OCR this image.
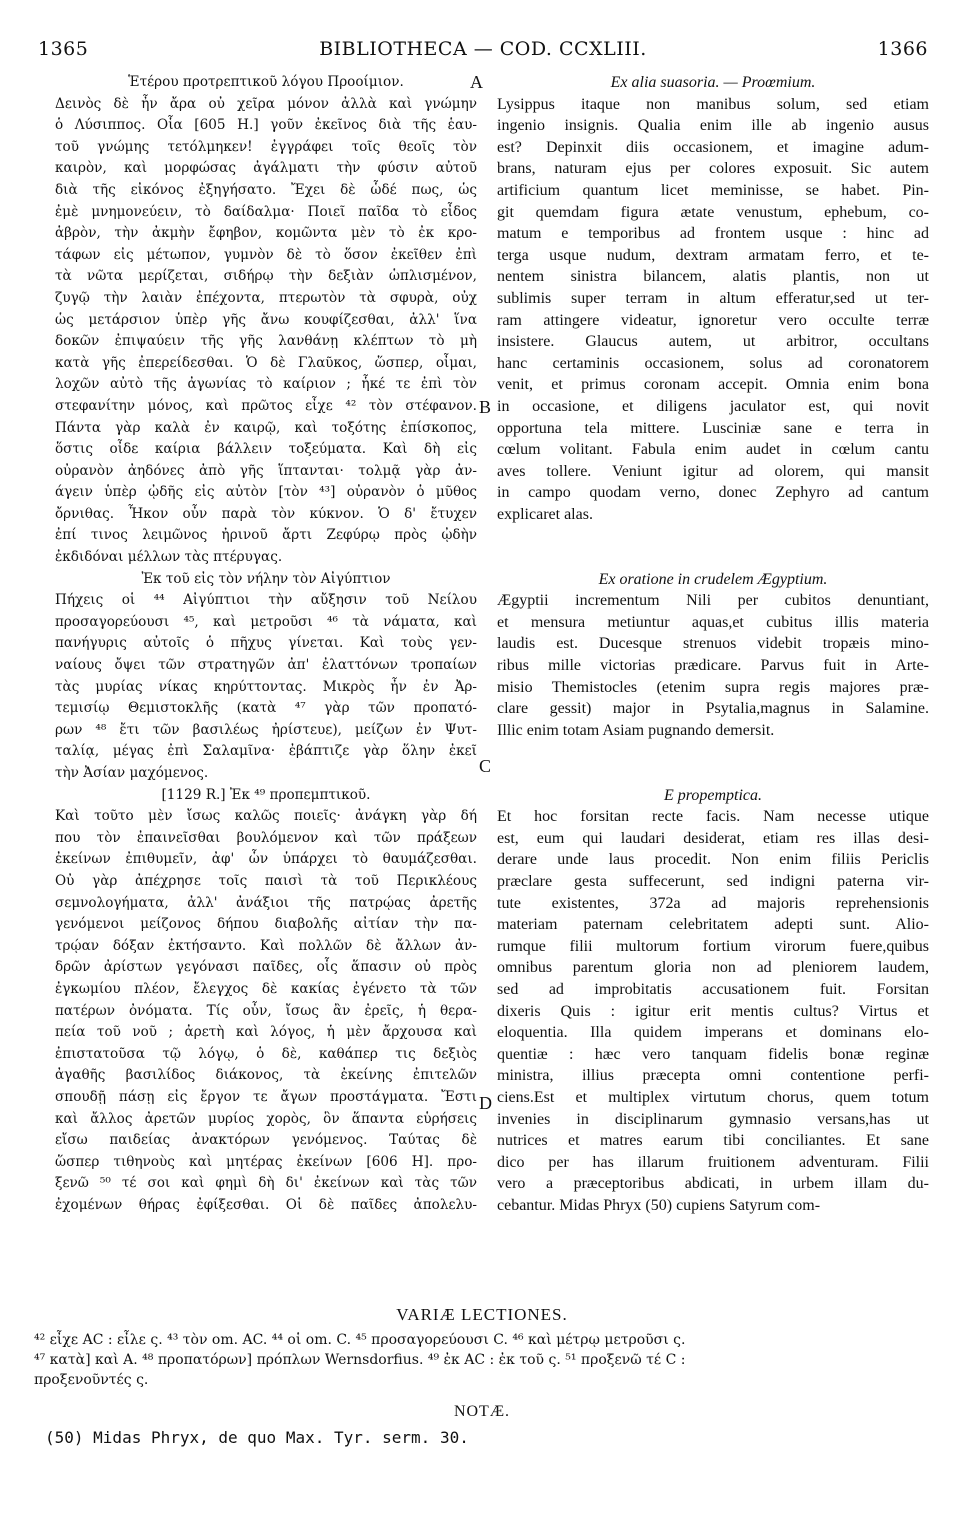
1365	BIBLIOTHECA — COD. CCXLIII.	1366
Ἑτέρου προτρεπτικοῦ λόγου Προοίμιον.
Δεινὸς δὲ ἦν ἄρα οὐ χεῖρα μόνον ἀλλὰ καὶ γνώμην
ὁ Λύσιππος. Οἷα [605 H.] γοῦν ἐκεῖνος διὰ τῆς ἑαυ-
τοῦ γνώμης τετόλμηκεν! ἐγγράφει τοῖς θεοῖς τὸν
καιρὸν, καὶ μορφώσας ἀγάλματι τὴν φύσιν αὐτοῦ
διὰ τῆς εἰκόνος ἐξηγήσατο. Ἔχει δὲ ὧδέ πως, ὡς
ἐμὲ μνημονεύειν, τὸ δαίδαλμα· Ποιεῖ παῖδα τὸ εἶδος
ἁβρὸν, τὴν ἀκμὴν ἔφηβον, κομῶντα μὲν τὸ ἐκ κρο-
τάφων εἰς μέτωπον, γυμνὸν δὲ τὸ ὅσον ἐκεῖθεν ἐπὶ
τὰ νῶτα μερίζεται, σιδήρῳ τὴν δεξιὰν ὡπλισμένον,
ζυγῷ τὴν λαιὰν ἐπέχοντα, πτερωτὸν τὰ σφυρὰ, οὐχ
ὡς μετάρσιον ὑπὲρ γῆς ἄνω κουφίζεσθαι, ἀλλ' ἵνα
δοκῶν ἐπιψαύειν τῆς γῆς λανθάνῃ κλέπτων τὸ μὴ
κατὰ γῆς ἐπερείδεσθαι. Ὁ δὲ Γλαῦκος, ὥσπερ, οἶμαι,
λοχῶν αὐτὸ τῆς ἀγωνίας τὸ καίριον ; ἧκέ τε ἐπὶ τὸν
στεφανίτην μόνος, καὶ πρῶτος εἶχε ⁴² τὸν στέφανον.
Πάντα γὰρ καλὰ ἐν καιρῷ, καὶ τοξότης ἐπίσκοπος,
ὅστις οἶδε καίρια βάλλειν τοξεύματα. Καὶ δὴ εἰς
οὐρανὸν ἀηδόνες ἀπὸ γῆς ἵπτανται· τολμᾷ γὰρ ἀν-
άγειν ὑπὲρ ᾠδῆς εἰς αὐτὸν [τὸν ⁴³] οὐρανὸν ὁ μῦθος
ὄρνιθας. Ἧκον οὖν παρὰ τὸν κύκνον. Ὁ δ' ἔτυχεν
ἐπί τινος λειμῶνος ἠρινοῦ ἄρτι Ζεφύρῳ πρὸς ᾠδὴν
ἐκδιδόναι μέλλων τὰς πτέρυγας.
Ἐκ τοῦ εἰς τὸν νήλην τὸν Αἰγύπτιον
Πήχεις οἱ ⁴⁴ Αἰγύπτιοι τὴν αὔξησιν τοῦ Νείλου
προσαγορεύουσι ⁴⁵, καὶ μετροῦσι ⁴⁶ τὰ νάματα, καὶ
πανήγυρις αὐτοῖς ὁ πῆχυς γίνεται. Καὶ τοὺς γεν-
ναίους ὄψει τῶν στρατηγῶν ἀπ' ἐλαττόνων τροπαίων
τὰς μυρίας νίκας κηρύττοντας. Μικρὸς ἦν ἐν Ἀρ-
τεμισίῳ Θεμιστοκλῆς (κατὰ ⁴⁷ γὰρ τῶν προπατό-
ρων ⁴⁸ ἔτι τῶν βασιλέως ἠρίστευε), μείζων ἐν Ψυτ-
ταλίᾳ, μέγας ἐπὶ Σαλαμῖνα· ἐβάπτιζε γὰρ ὅλην ἐκεῖ
τὴν Ἀσίαν μαχόμενος.
[1129 R.] Ἐκ ⁴⁹ προπεμπτικοῦ.
Καὶ τοῦτο μὲν ἴσως καλῶς ποιεῖς· ἀνάγκη γὰρ δή
που τὸν ἐπαινεῖσθαι βουλόμενον καὶ τῶν πράξεων
ἐκείνων ἐπιθυμεῖν, ἀφ' ὧν ὑπάρχει τὸ θαυμάζεσθαι.
Οὐ γὰρ ἀπέχρησε τοῖς παισὶ τὰ τοῦ Περικλέους
σεμνολογήματα, ἀλλ' ἀνάξιοι τῆς πατρῴας ἀρετῆς
γενόμενοι μείζονος δήπου διαβολῆς αἰτίαν τὴν πα-
τρῴαν δόξαν ἐκτήσαντο. Καὶ πολλῶν δὲ ἄλλων ἀν-
δρῶν ἀρίστων γεγόνασι παῖδες, οἷς ἅπασιν οὐ πρὸς
ἐγκωμίου πλέον, ἔλεγχος δὲ κακίας ἐγένετο τὰ τῶν
πατέρων ὀνόματα. Τίς οὖν, ἴσως ἂν ἐρεῖς, ἡ θερα-
πεία τοῦ νοῦ ; ἀρετὴ καὶ λόγος, ἡ μὲν ἄρχουσα καὶ
ἐπιστατοῦσα τῷ λόγῳ, ὁ δὲ, καθάπερ τις δεξιὸς
ἀγαθῆς βασιλίδος διάκονος, τὰ ἐκείνης ἐπιτελῶν
σπουδῇ πάσῃ εἰς ἔργον τε ἄγων προστάγματα. Ἔστι
καὶ ἄλλος ἀρετῶν μυρίος χορὸς, ὃν ἅπαντα εὑρήσεις
εἴσω παιδείας ἀνακτόρων γενόμενος. Ταύτας δὲ
ὥσπερ τιθηνοὺς καὶ μητέρας ἐκείνων [606 H]. προ-
ξενῶ ⁵⁰ τέ σοι καὶ φημὶ δὴ δι' ἐκείνων καὶ τὰς τῶν
ἐχομένων θήρας ἐφίξεσθαι. Οἱ δὲ παῖδες ἀπολελυ-
Ex alia suasoria. — Proœmium.
Lysippus itaque non manibus solum, sed etiam
ingenio insignis. Qualia enim ille ab ingenio ausus
est? Depinxit diis occasionem, et imagine adum-
brans, naturam ejus per colores exposuit. Sic autem
artificium quantum licet meminisse, se habet. Pin-
git quemdam figura ætate venustum, ephebum, co-
matum e temporibus ad frontem usque : hinc ad
terga usque nudum, dextram armatam ferro, et te-
nentem sinistra bilancem, alatis plantis, non ut
sublimis super terram in altum efferatur,sed ut ter-
ram attingere videatur, ignoretur vero occulte terræ
insistere. Glaucus autem, ut arbitror, occultans
hanc certaminis occasionem, solus ad coronatorem
venit, et primus coronam accepit. Omnia enim bona
in occasione, et diligens jaculator est, qui novit
opportuna tela mittere. Lusciniæ sane e terra in
cœlum volitant. Fabula enim audet in cœlum cantu
aves tollere. Veniunt igitur ad olorem, qui mansit
in campo quodam verno, donec Zephyro ad cantum
explicaret alas.
Ex oratione in crudelem Ægyptium.
Ægyptii incrementum Nili per cubitos denuntiant,
et mensura metiuntur aquas,et cubitus illis materia
laudis est. Ducesque strenuos videbit tropæis mino-
ribus mille victorias prædicare. Parvus fuit in Arte-
misio Themistocles (etenim supra regis majores præ-
clare gessit) major in Psytalia,magnus in Salamine.
Illic enim totam Asiam pugnando demersit.
E propemptica.
Et hoc forsitan recte facis. Nam necesse utique
est, eum qui laudari desiderat, etiam res illas desi-
derare unde laus procedit. Non enim filiis Periclis
præclare gesta suffecerunt, sed indigni paterna vir-
tute existentes, 372a ad majoris reprehensionis
materiam paternam celebritatem adepti sunt. Alio-
rumque filii multorum fortium virorum fuere,quibus
omnibus parentum gloria non ad pleniorem laudem,
sed ad improbitatis accusationem fuit. Forsitan
dixeris Quis : igitur erit mentis cultus? Virtus et
eloquentia. Illa quidem imperans et dominans elo-
quentiæ : hæc vero tanquam fidelis bonæ reginæ
ministra, illius præcepta omni contentione perfi-
ciens.Est et multiplex virtutum chorus, quem totum
invenies in disciplinarum gymnasio versans,has ut
nutrices et matres earum tibi conciliantes. Et sane
dico per has illarum fruitionem adventuram. Filii
vero a præceptoribus abdicati, in urbem illam du-
cebantur. Midas Phryx (50) cupiens Satyrum com-
A
B
C
D
VARIÆ LECTIONES.
⁴² εἶχε AC : εἶλε ς. ⁴³ τὸν om. AC. ⁴⁴ οἱ om. C. ⁴⁵ προσαγορεύουσι C. ⁴⁶ καὶ μέτρῳ μετροῦσι ς.
⁴⁷ κατὰ] καὶ A. ⁴⁸ προπατόρων] πρόπλων Wernsdorfius. ⁴⁹ ἐκ AC : ἐκ τοῦ ς. ⁵¹ προξενῶ τέ C :
προξενοῦντές ς.
NOTÆ.
(50) Midas Phryx, de quo Max. Tyr. serm. 30.
